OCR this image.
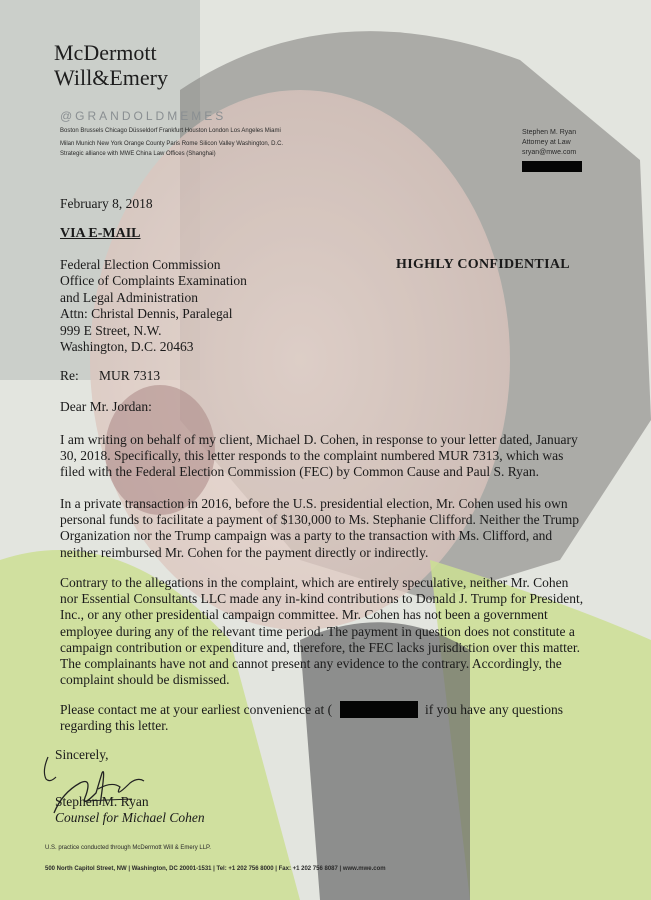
McDermott
Will&Emery
@GRANDOLDMEMES
Boston Brussels Chicago Düsseldorf Frankfurt Houston London Los Angeles Miami
Milan Munich New York Orange County Paris Rome Silicon Valley Washington, D.C.
Strategic alliance with MWE China Law Offices (Shanghai)
Stephen M. Ryan
Attorney at Law
sryan@mwe.com
February 8, 2018
VIA E-MAIL
HIGHLY CONFIDENTIAL
Federal Election Commission
Office of Complaints Examination
and Legal Administration
Attn: Christal Dennis, Paralegal
999 E Street, N.W.
Washington, D.C. 20463
Re: MUR 7313
Dear Mr. Jordan:
I am writing on behalf of my client, Michael D. Cohen, in response to your letter dated, January
30, 2018. Specifically, this letter responds to the complaint numbered MUR 7313, which was
filed with the Federal Election Commission (FEC) by Common Cause and Paul S. Ryan.
In a private transaction in 2016, before the U.S. presidential election, Mr. Cohen used his own
personal funds to facilitate a payment of $130,000 to Ms. Stephanie Clifford. Neither the Trump
Organization nor the Trump campaign was a party to the transaction with Ms. Clifford, and
neither reimbursed Mr. Cohen for the payment directly or indirectly.
Contrary to the allegations in the complaint, which are entirely speculative, neither Mr. Cohen
nor Essential Consultants LLC made any in-kind contributions to Donald J. Trump for President,
Inc., or any other presidential campaign committee. Mr. Cohen has not been a government
employee during any of the relevant time period. The payment in question does not constitute a
campaign contribution or expenditure and, therefore, the FEC lacks jurisdiction over this matter.
The complainants have not and cannot present any evidence to the contrary. Accordingly, the
complaint should be dismissed.
Please contact me at your earliest convenience at (	if you have any questions
regarding this letter.
Sincerely,
Stephen M. Ryan
Counsel for Michael Cohen
U.S. practice conducted through McDermott Will & Emery LLP.
500 North Capitol Street, NW | Washington, DC 20001-1531 | Tel: +1 202 756 8000 | Fax: +1 202 756 8087 | www.mwe.com
